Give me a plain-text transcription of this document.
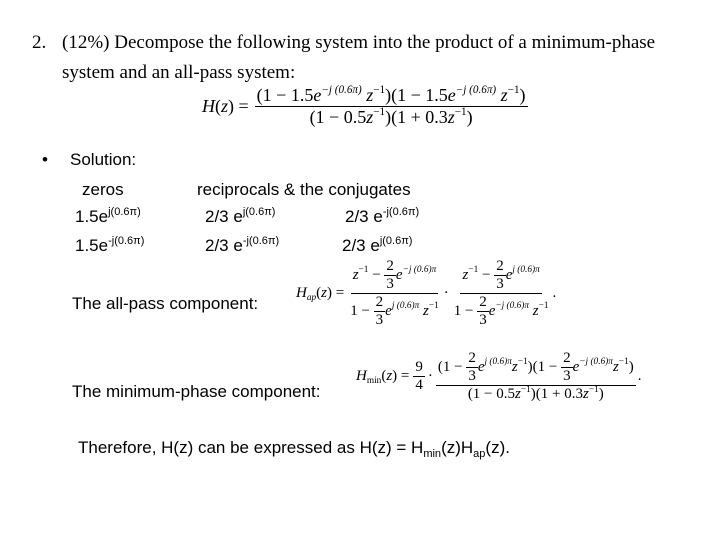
2. (12%) Decompose the following system into the product of a minimum-phase
system and an all-pass system:
$H(z) = \frac{(1 - 1.5e^{-j (0.6\pi)} z^{-1})(1 - 1.5e^{-j (0.6\pi)} z^{-1})}{(1 - 0.5z^{-1})(1 + 0.3z^{-1})}$
• Solution:
zeros	reciprocals & the conjugates
$1.5e^{j(0.6\pi)}$	2/3 $e^{j(0.6\pi)}$	2/3 $e^{-j(0.6\pi)}$
$1.5e^{-j(0.6\pi)}$	2/3 $e^{-j(0.6\pi)}$	2/3 $e^{j(0.6\pi)}$
The all-pass component:
$H_{ap}(z) = \frac{z^{-1} - \frac{2}{3} e^{-j (0.6)\pi}}{1 - \frac{2}{3} e^{j (0.6)\pi} z^{-1}} \cdot \frac{z^{-1} - \frac{2}{3} e^{j (0.6)\pi}}{1 - \frac{2}{3} e^{-j (0.6)\pi} z^{-1}}$ .
The minimum-phase component:
$H_{min}(z) = \frac{9}{4} \cdot \frac{(1 - \frac{2}{3} e^{j (0.6)\pi}z^{-1})(1 - \frac{2}{3} e^{-j (0.6)\pi}z^{-1})}{(1 - 0.5z^{-1})(1 + 0.3z^{-1})}$ .
Therefore, H(z) can be expressed as $H(z) = H_{min}(z)H_{ap}(z)$.
